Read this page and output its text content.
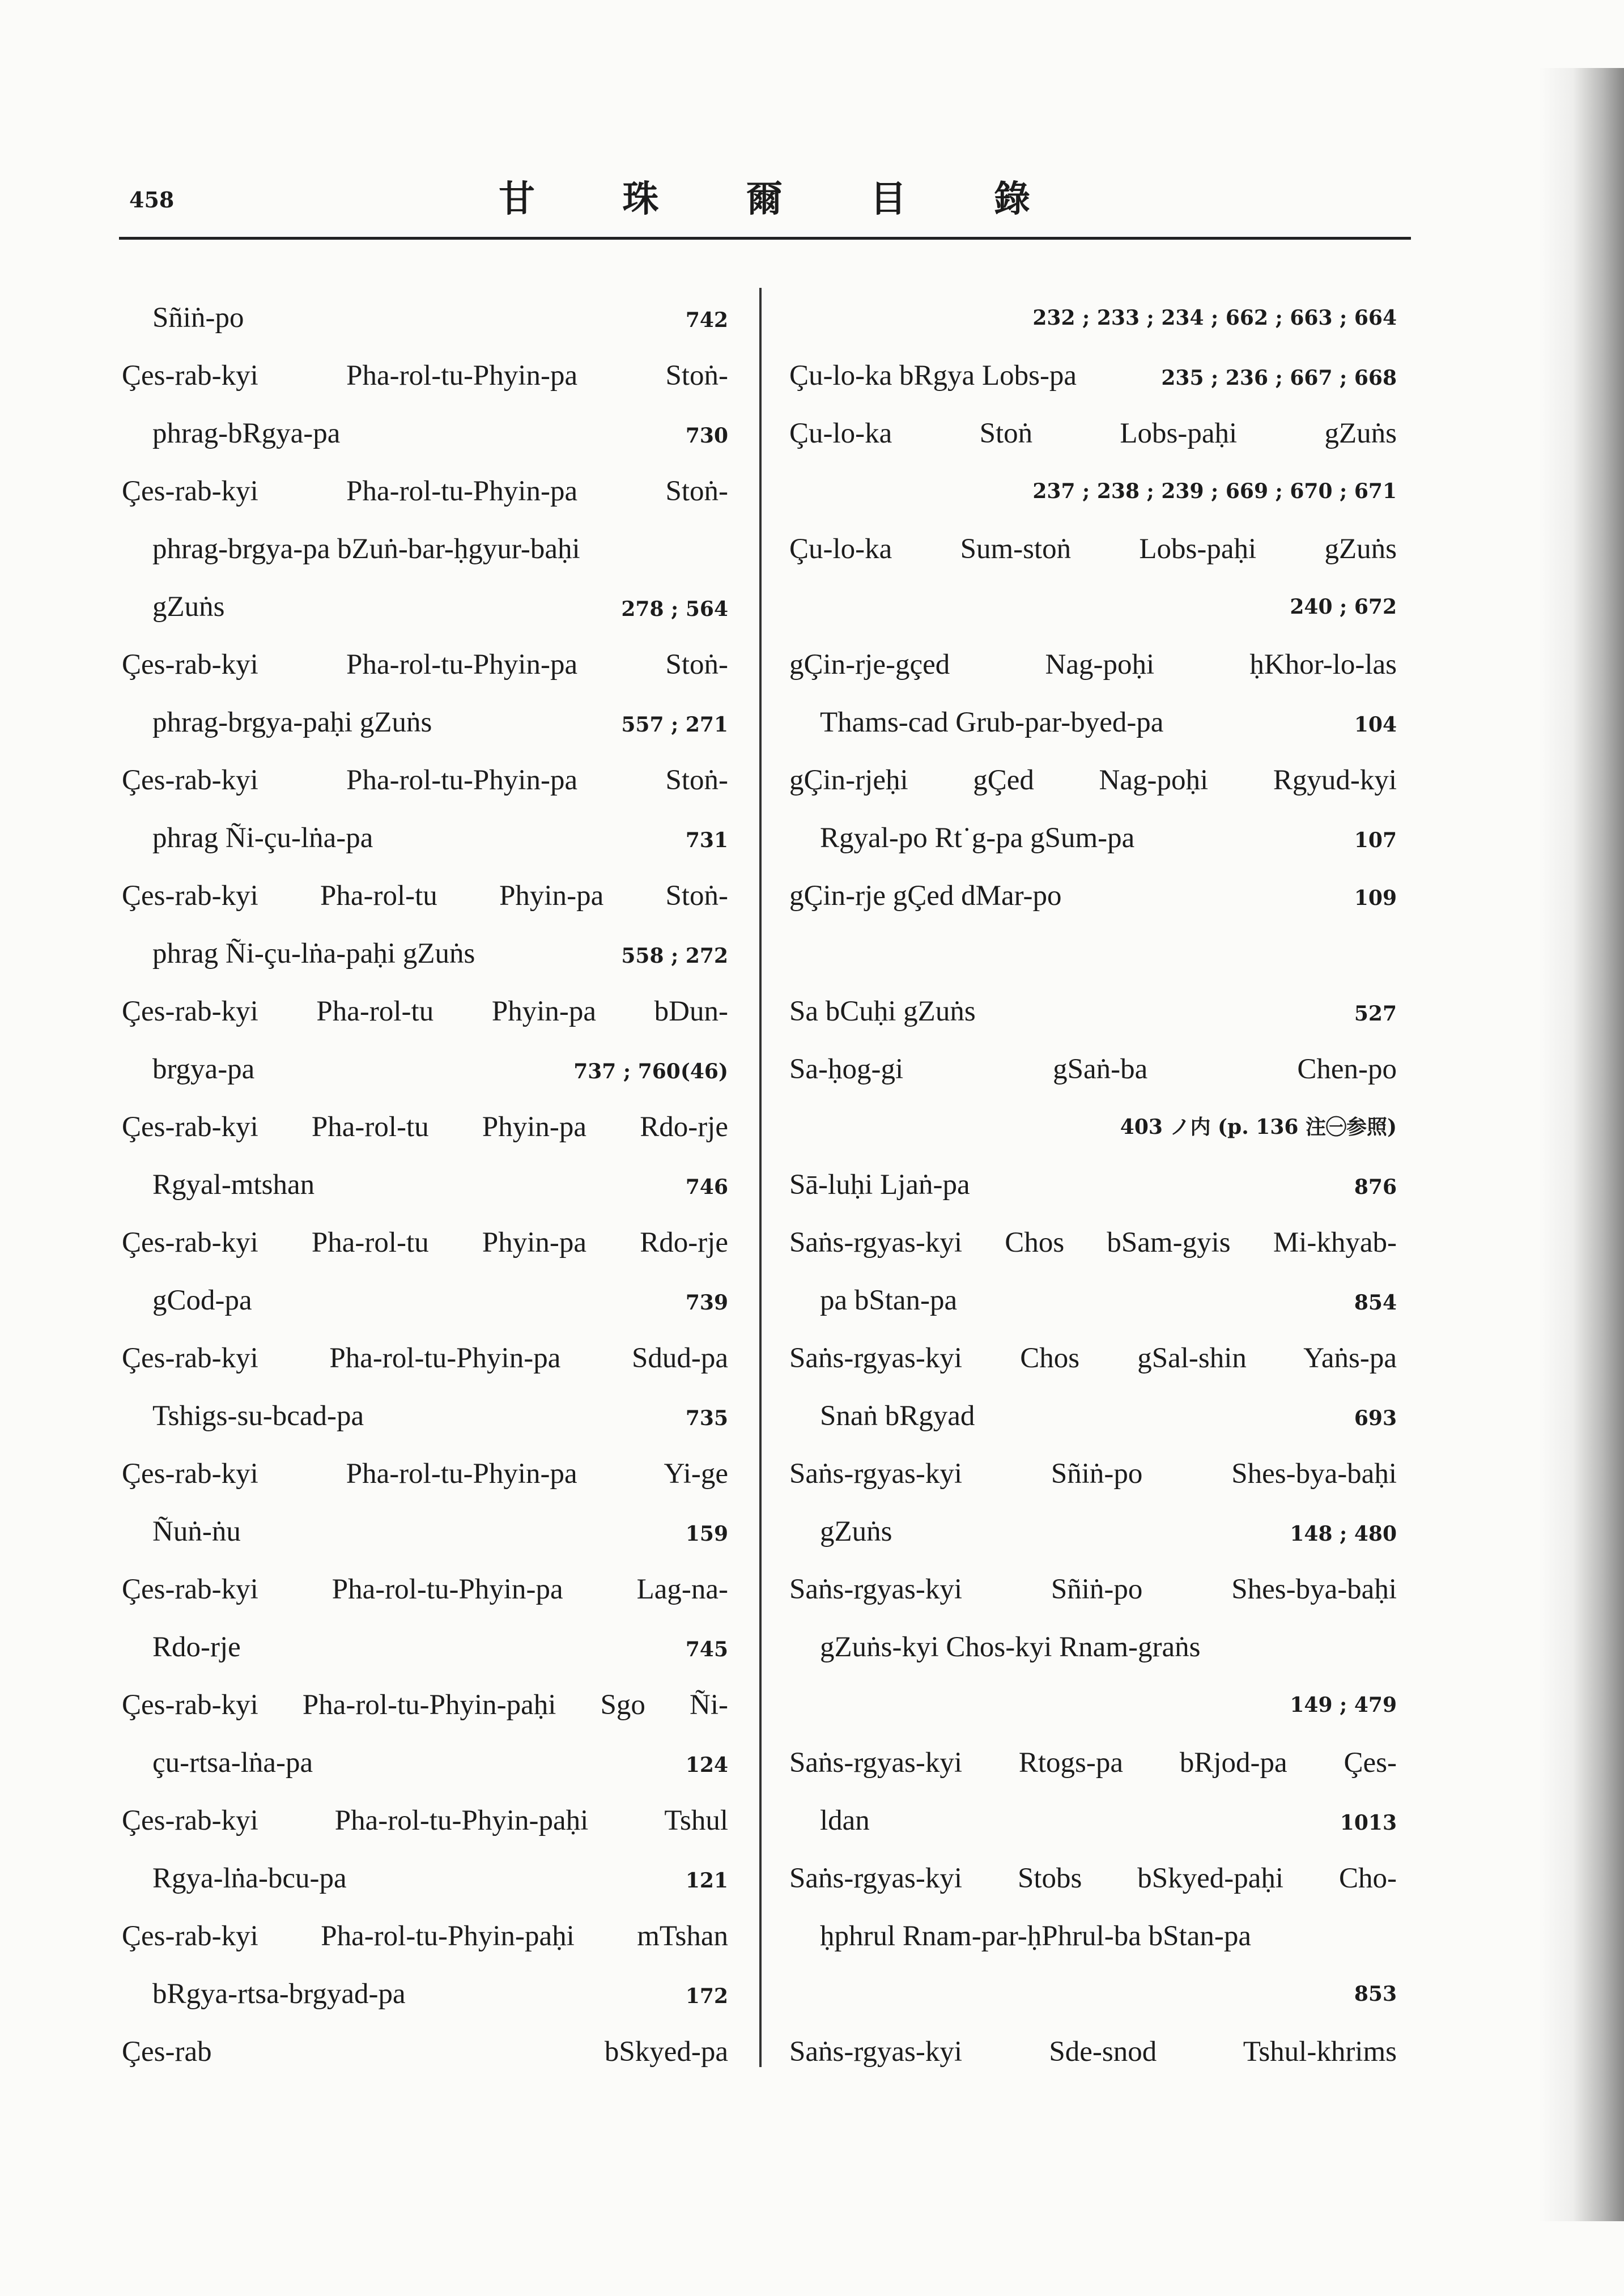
458	甘 珠 爾 目 錄
Sñiṅ-po	742
Çes-rab-kyi Pha-rol-tu-Phyin-pa Stoṅ-
phrag-bRgya-pa	730
Çes-rab-kyi Pha-rol-tu-Phyin-pa Stoṅ-
phrag-brgya-pa bZuṅ-bar-ḥgyur-baḥi
gZuṅs	278 ; 564
Çes-rab-kyi Pha-rol-tu-Phyin-pa Stoṅ-
phrag-brgya-paḥi gZuṅs	557 ; 271
Çes-rab-kyi Pha-rol-tu-Phyin-pa Stoṅ-
phrag Ñi-çu-lṅa-pa	731
Çes-rab-kyi Pha-rol-tu Phyin-pa Stoṅ-
phrag Ñi-çu-lṅa-paḥi gZuṅs	558 ; 272
Çes-rab-kyi Pha-rol-tu Phyin-pa bDun-
brgya-pa	737 ; 760(46)
Çes-rab-kyi Pha-rol-tu Phyin-pa Rdo-rje
Rgyal-mtshan	746
Çes-rab-kyi Pha-rol-tu Phyin-pa Rdo-rje
gCod-pa	739
Çes-rab-kyi Pha-rol-tu-Phyin-pa Sdud-pa
Tshigs-su-bcad-pa	735
Çes-rab-kyi Pha-rol-tu-Phyin-pa Yi-ge
Ñuṅ-ṅu	159
Çes-rab-kyi Pha-rol-tu-Phyin-pa Lag-na-
Rdo-rje	745
Çes-rab-kyi Pha-rol-tu-Phyin-paḥi Sgo Ñi-
çu-rtsa-lṅa-pa	124
Çes-rab-kyi Pha-rol-tu-Phyin-paḥi Tshul
Rgya-lṅa-bcu-pa	121
Çes-rab-kyi Pha-rol-tu-Phyin-paḥi mTshan
bRgya-rtsa-brgyad-pa	172
Çes-rab bSkyed-pa
232 ; 233 ; 234 ; 662 ; 663 ; 664
Çu-lo-ka bRgya Lobs-pa	235 ; 236 ; 667 ; 668
Çu-lo-ka Stoṅ Lobs-paḥi gZuṅs
237 ; 238 ; 239 ; 669 ; 670 ; 671
Çu-lo-ka Sum-stoṅ Lobs-paḥi gZuṅs
240 ; 672
gÇin-rje-gçed Nag-poḥi ḥKhor-lo-las
Thams-cad Grub-par-byed-pa	104
gÇin-rjeḥi gÇed Nag-poḥi Rgyud-kyi
Rgyal-po Rt˙g-pa gSum-pa	107
gÇin-rje gÇed dMar-po	109
Sa bCuḥi gZuṅs	527
Sa-ḥog-gi gSaṅ-ba Chen-po
403 ノ内 (p. 136 注㊀参照)
Sā-luḥi Ljaṅ-pa	876
Saṅs-rgyas-kyi Chos bSam-gyis Mi-khyab-
pa bStan-pa	854
Saṅs-rgyas-kyi Chos gSal-shin Yaṅs-pa
Snaṅ bRgyad	693
Saṅs-rgyas-kyi Sñiṅ-po Shes-bya-baḥi
gZuṅs	148 ; 480
Saṅs-rgyas-kyi Sñiṅ-po Shes-bya-baḥi
gZuṅs-kyi Chos-kyi Rnam-graṅs
149 ; 479
Saṅs-rgyas-kyi Rtogs-pa bRjod-pa Çes-
ldan	1013
Saṅs-rgyas-kyi Stobs bSkyed-paḥi Cho-
ḥphrul Rnam-par-ḥPhrul-ba bStan-pa
853
Saṅs-rgyas-kyi Sde-snod Tshul-khrims
